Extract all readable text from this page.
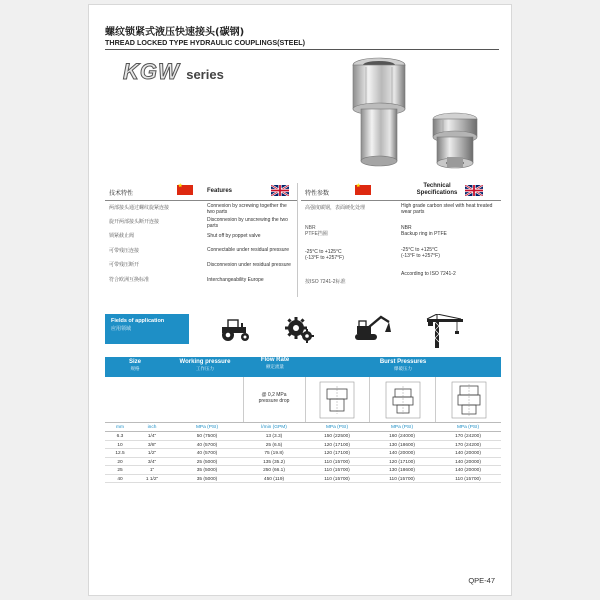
螺纹锁紧式液压快速接头(碳钢)
THREAD LOCKED TYPE HYDRAULIC COUPLINGS(STEEL)
KGW series
技术特性
★	Features	特性参数
★
Technical Specifications
两部接头通过螺纹旋紧连接
旋开两部接头断开连接
锁紧截止阀
可带残压连接
可带残压断开
符合欧洲互换标准
Connexion by screwing together the two parts
Disconnexion by unscrewing the two parts
Shut off by poppet valve
Connectable under residual pressure
Disconnexion under residual pressure
Interchangeability Europe
高强度碳钢，表面硬化处理
NBR
PTFE挡圈
-25°C to +125°C
(-13°F to +257°F)
按ISO 7241-2标准
High grade carbon steel with heat treated wear parts
NBR
Backup ring in PTFE
-25°C to +125°C
(-13°F to +257°F)
According to ISO 7241-2
Fields of application
应用领域
Size
规格
Working pressure
工作压力
Flow Rate
额定流量
Burst Pressures
爆破压力
@ 0,2 MPa
pressure drop
mm	inch	MPa (PSI)	l/min (GPM)	MPa (PSI)	MPa (PSI)	MPa (PSI)
6.3	1/4"	50 (7500)	13 (3.3)	150 (22500)	160 (24000)	170 (24200)
10	3/8"	40 (5700)	25 (6.5)	120 (17100)	130 (18600)	170 (24200)
12.5	1/2"	40 (5700)	75 (19.8)	120 (17100)	140 (20000)	140 (20000)
20	3/4"	25 (5000)	135 (35.2)	110 (15700)	120 (17100)	140 (20000)
25	1"	35 (5000)	250 (66.1)	110 (15700)	130 (18600)	140 (20000)
40	1 1/2"	35 (5000)	450 (119)	110 (15700)	110 (15700)	110 (15700)
QPE-47
